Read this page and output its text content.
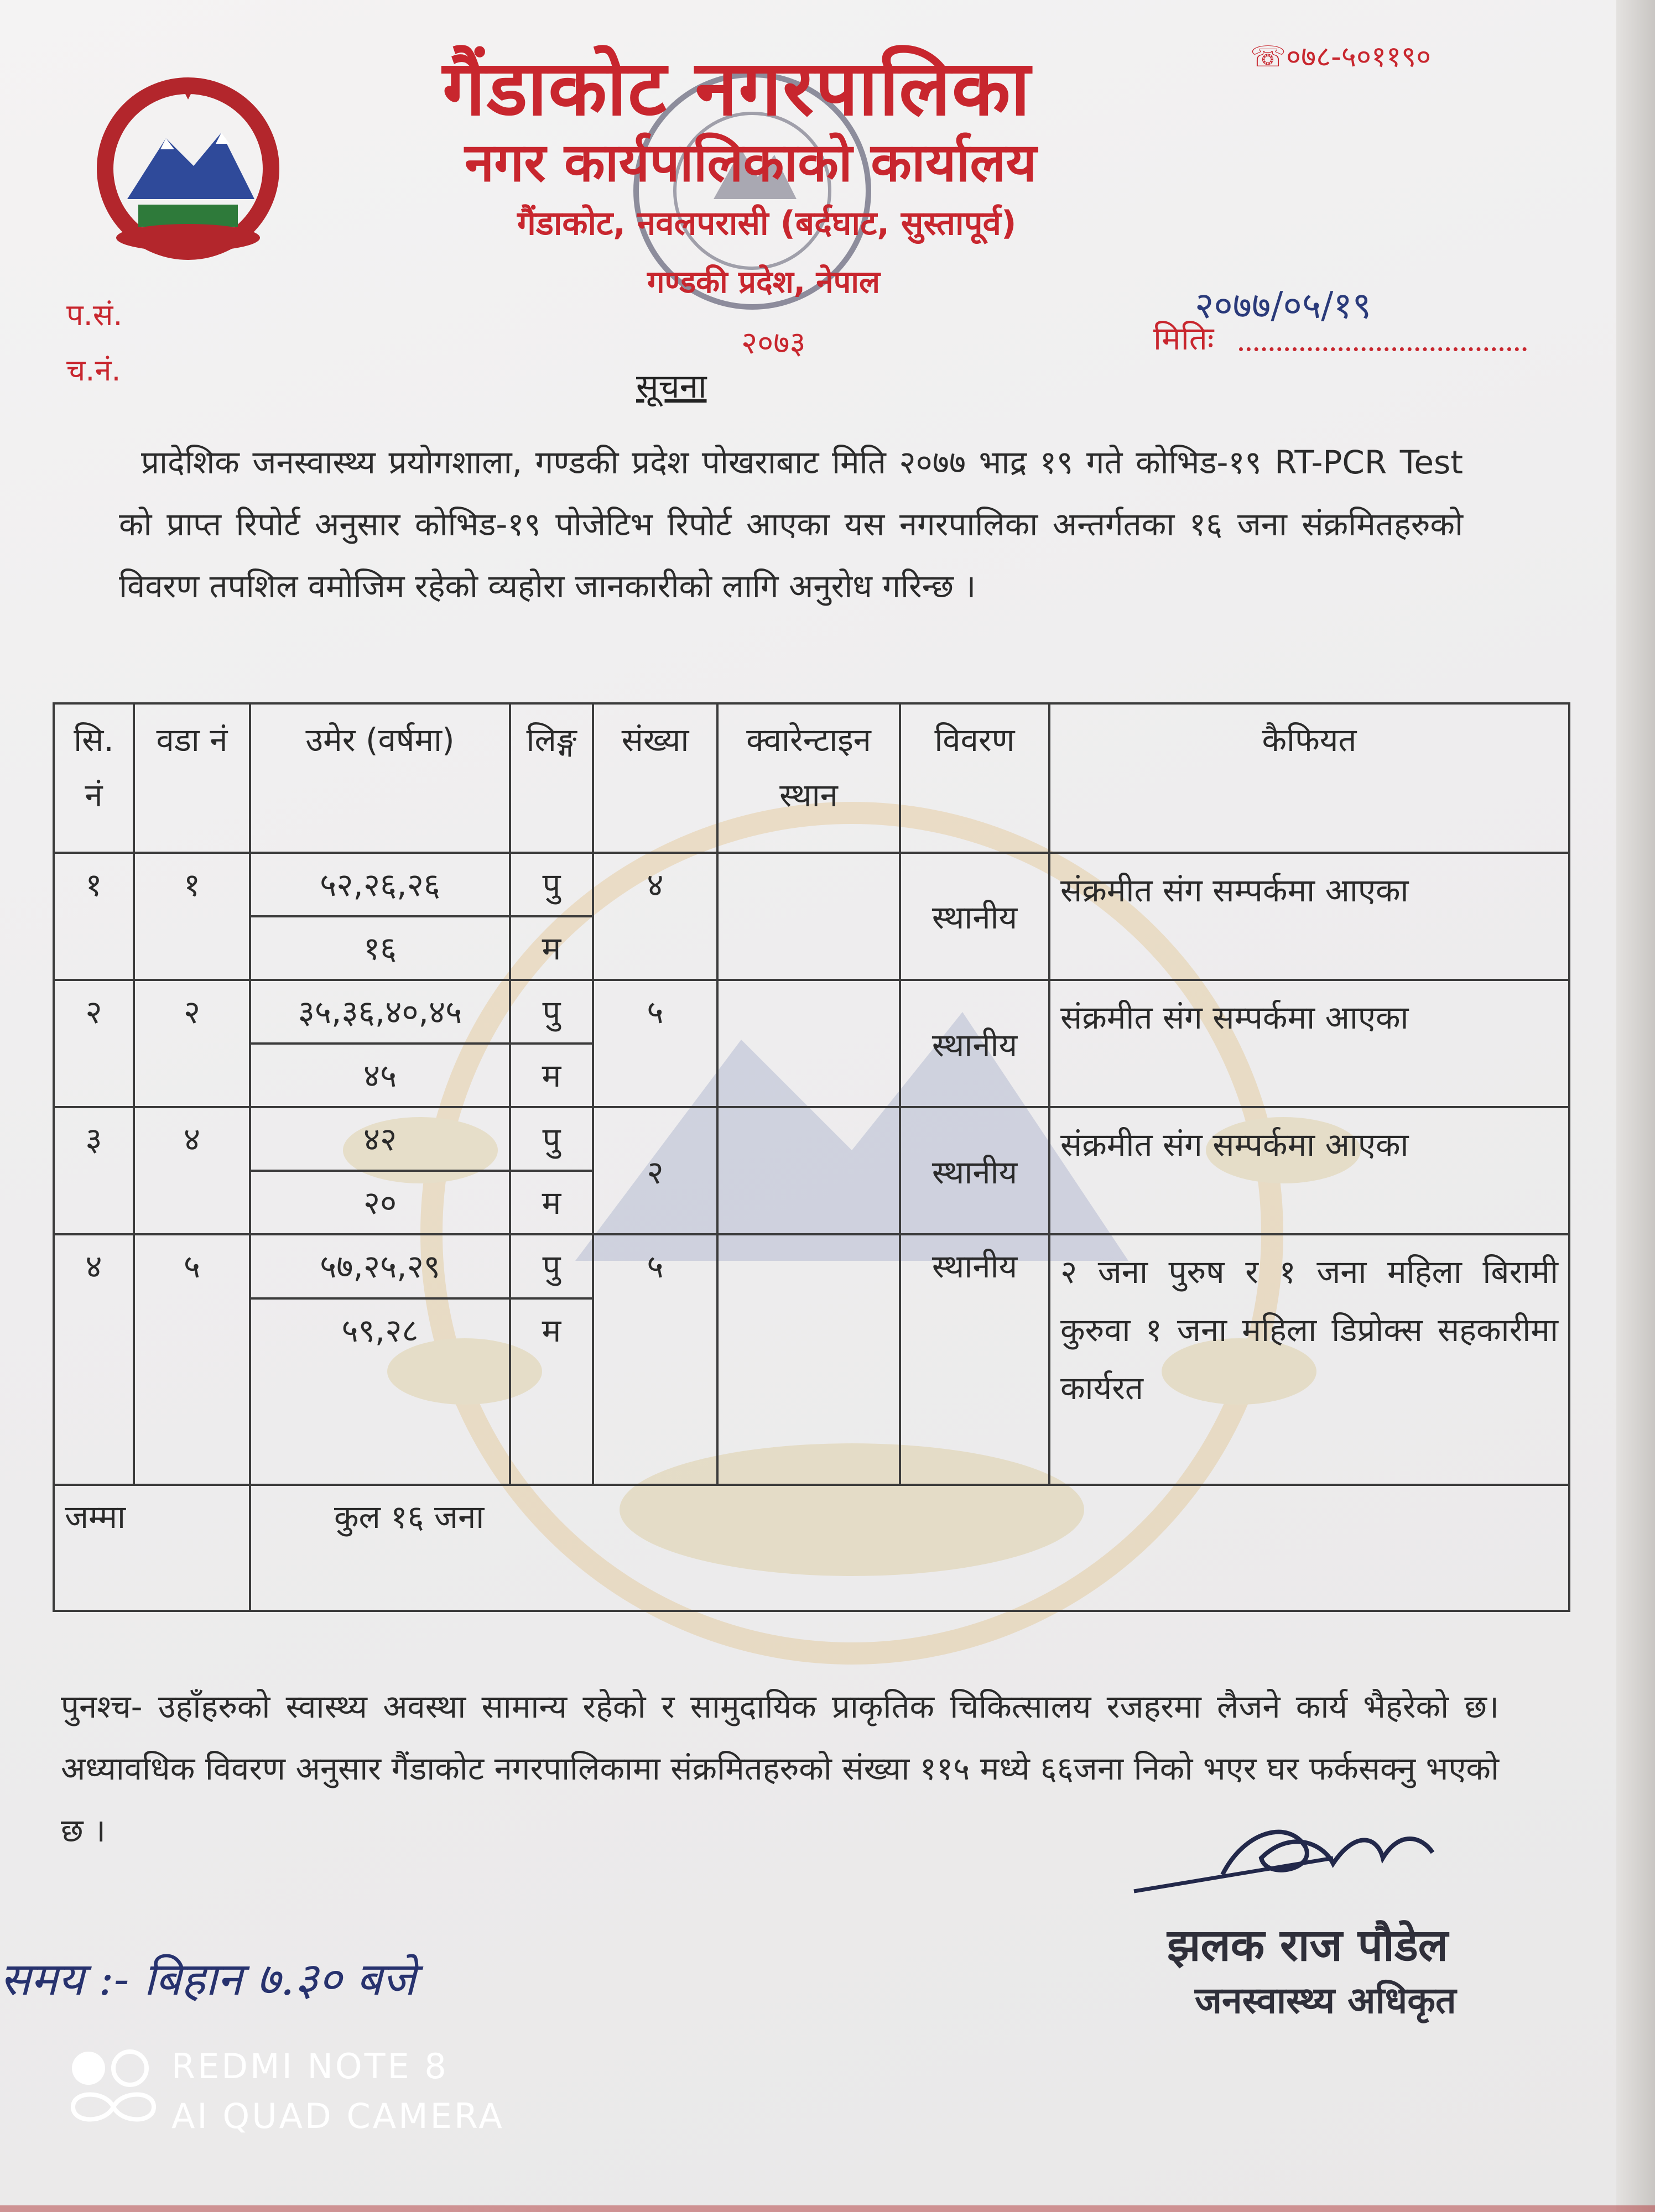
☏०७८-५०११९०
गैंडाकोट नगरपालिका
नगर कार्यपालिकाको कार्यालय
गैंडाकोट, नवलपरासी (बर्दघाट, सुस्तापूर्व)
गण्डकी प्रदेश, नेपाल
प.सं.
च.नं.
२०७३
२०७७/०५/१९
मितिः
सूचना
प्रादेशिक जनस्वास्थ्य प्रयोगशाला, गण्डकी प्रदेश पोखराबाट मिति २०७७ भाद्र १९ गते कोभिड-१९ RT-PCR Test को प्राप्त रिपोर्ट अनुसार कोभिड-१९ पोजेटिभ रिपोर्ट आएका यस नगरपालिका अन्तर्गतका १६ जना संक्रमितहरुको विवरण तपशिल वमोजिम रहेको व्यहोरा जानकारीको लागि अनुरोध गरिन्छ ।
सि. नं	वडा नं	उमेर (वर्षमा)	लिङ्ग	संख्या	क्वारेन्टाइन स्थान	विवरण	कैफियत
१	१	५२,२६,२६	पु	४		स्थानीय	संक्रमीत संग सम्पर्कमा आएका
		१६	म				
२	२	३५,३६,४०,४५	पु	५		स्थानीय	संक्रमीत संग सम्पर्कमा आएका
		४५	म				
३	४	४२	पु	२		स्थानीय	संक्रमीत संग सम्पर्कमा आएका
		२०	म				
४	५	५७,२५,२९	पु	५		स्थानीय	२ जना पुरुष र १ जना महिला बिरामी कुरुवा १ जना महिला डिप्रोक्स सहकारीमा कार्यरत
		५९,२८	म				
जम्मा		कुल १६ जना					
पुनश्च- उहाँहरुको स्वास्थ्य अवस्था सामान्य रहेको र सामुदायिक प्राकृतिक चिकित्सालय रजहरमा लैजने कार्य भैहरेको छ। अध्यावधिक विवरण अनुसार गैंडाकोट नगरपालिकामा संक्रमितहरुको संख्या ११५ मध्ये ६६जना निको भएर घर फर्कसक्नु भएको छ ।
झलक राज पौडेल
जनस्वास्थ्य अधिकृत
समय :- बिहान ७.३० बजे
REDMI NOTE 8
AI QUAD CAMERA
